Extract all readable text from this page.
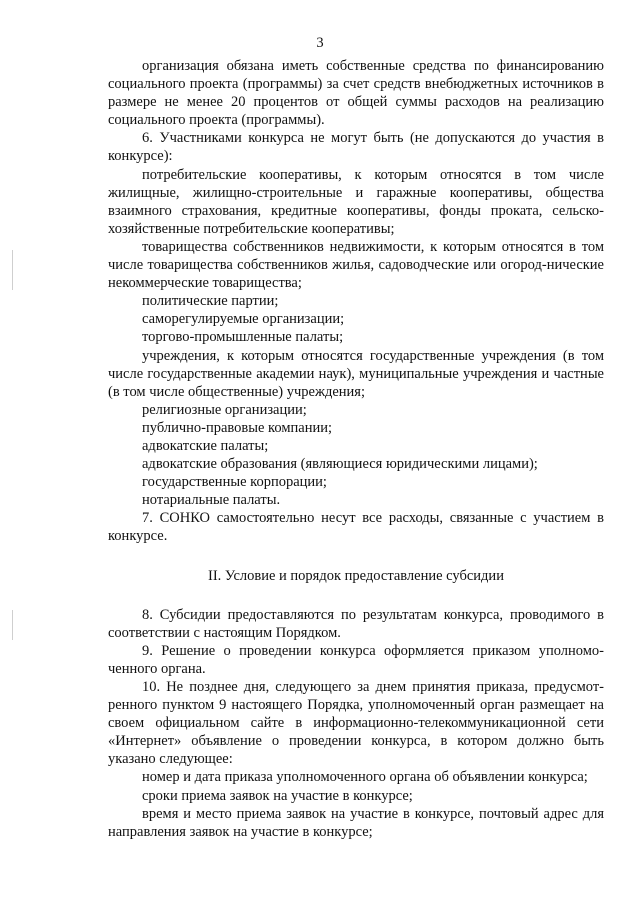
3

организация обязана иметь собственные средства по финансированию социального проекта (программы) за счет средств внебюджетных источников в размере не менее 20 процентов от общей суммы расходов на реализацию социального проекта (программы).

6. Участниками конкурса не могут быть (не допускаются до участия в конкурсе):

потребительские кооперативы, к которым относятся в том числе жилищные, жилищно-строительные и гаражные кооперативы, общества взаимного страхования, кредитные кооперативы, фонды проката, сельско-хозяйственные потребительские кооперативы;

товарищества собственников недвижимости, к которым относятся в том числе товарищества собственников жилья, садоводческие или огород-нические некоммерческие товарищества;

политические партии;

саморегулируемые организации;

торгово-промышленные палаты;

учреждения, к которым относятся государственные учреждения (в том числе государственные академии наук), муниципальные учреждения и частные (в том числе общественные) учреждения;

религиозные организации;

публично-правовые компании;

адвокатские палаты;

адвокатские образования (являющиеся юридическими лицами);

государственные корпорации;

нотариальные палаты.

7. СОНКО самостоятельно несут все расходы, связанные с участием в конкурсе.

II. Условие и порядок предоставление субсидии

8. Субсидии предоставляются по результатам конкурса, проводимого в соответствии с настоящим Порядком.

9. Решение о проведении конкурса оформляется приказом уполномо-ченного органа.

10. Не позднее дня, следующего за днем принятия приказа, предусмот-ренного пунктом 9 настоящего Порядка, уполномоченный орган размещает на своем официальном сайте в информационно-телекоммуникационной сети «Интернет» объявление о проведении конкурса, в котором должно быть указано следующее:

номер и дата приказа уполномоченного органа об объявлении конкурса;

сроки приема заявок на участие в конкурсе;

время и место приема заявок на участие в конкурсе, почтовый адрес для направления заявок на участие в конкурсе;
